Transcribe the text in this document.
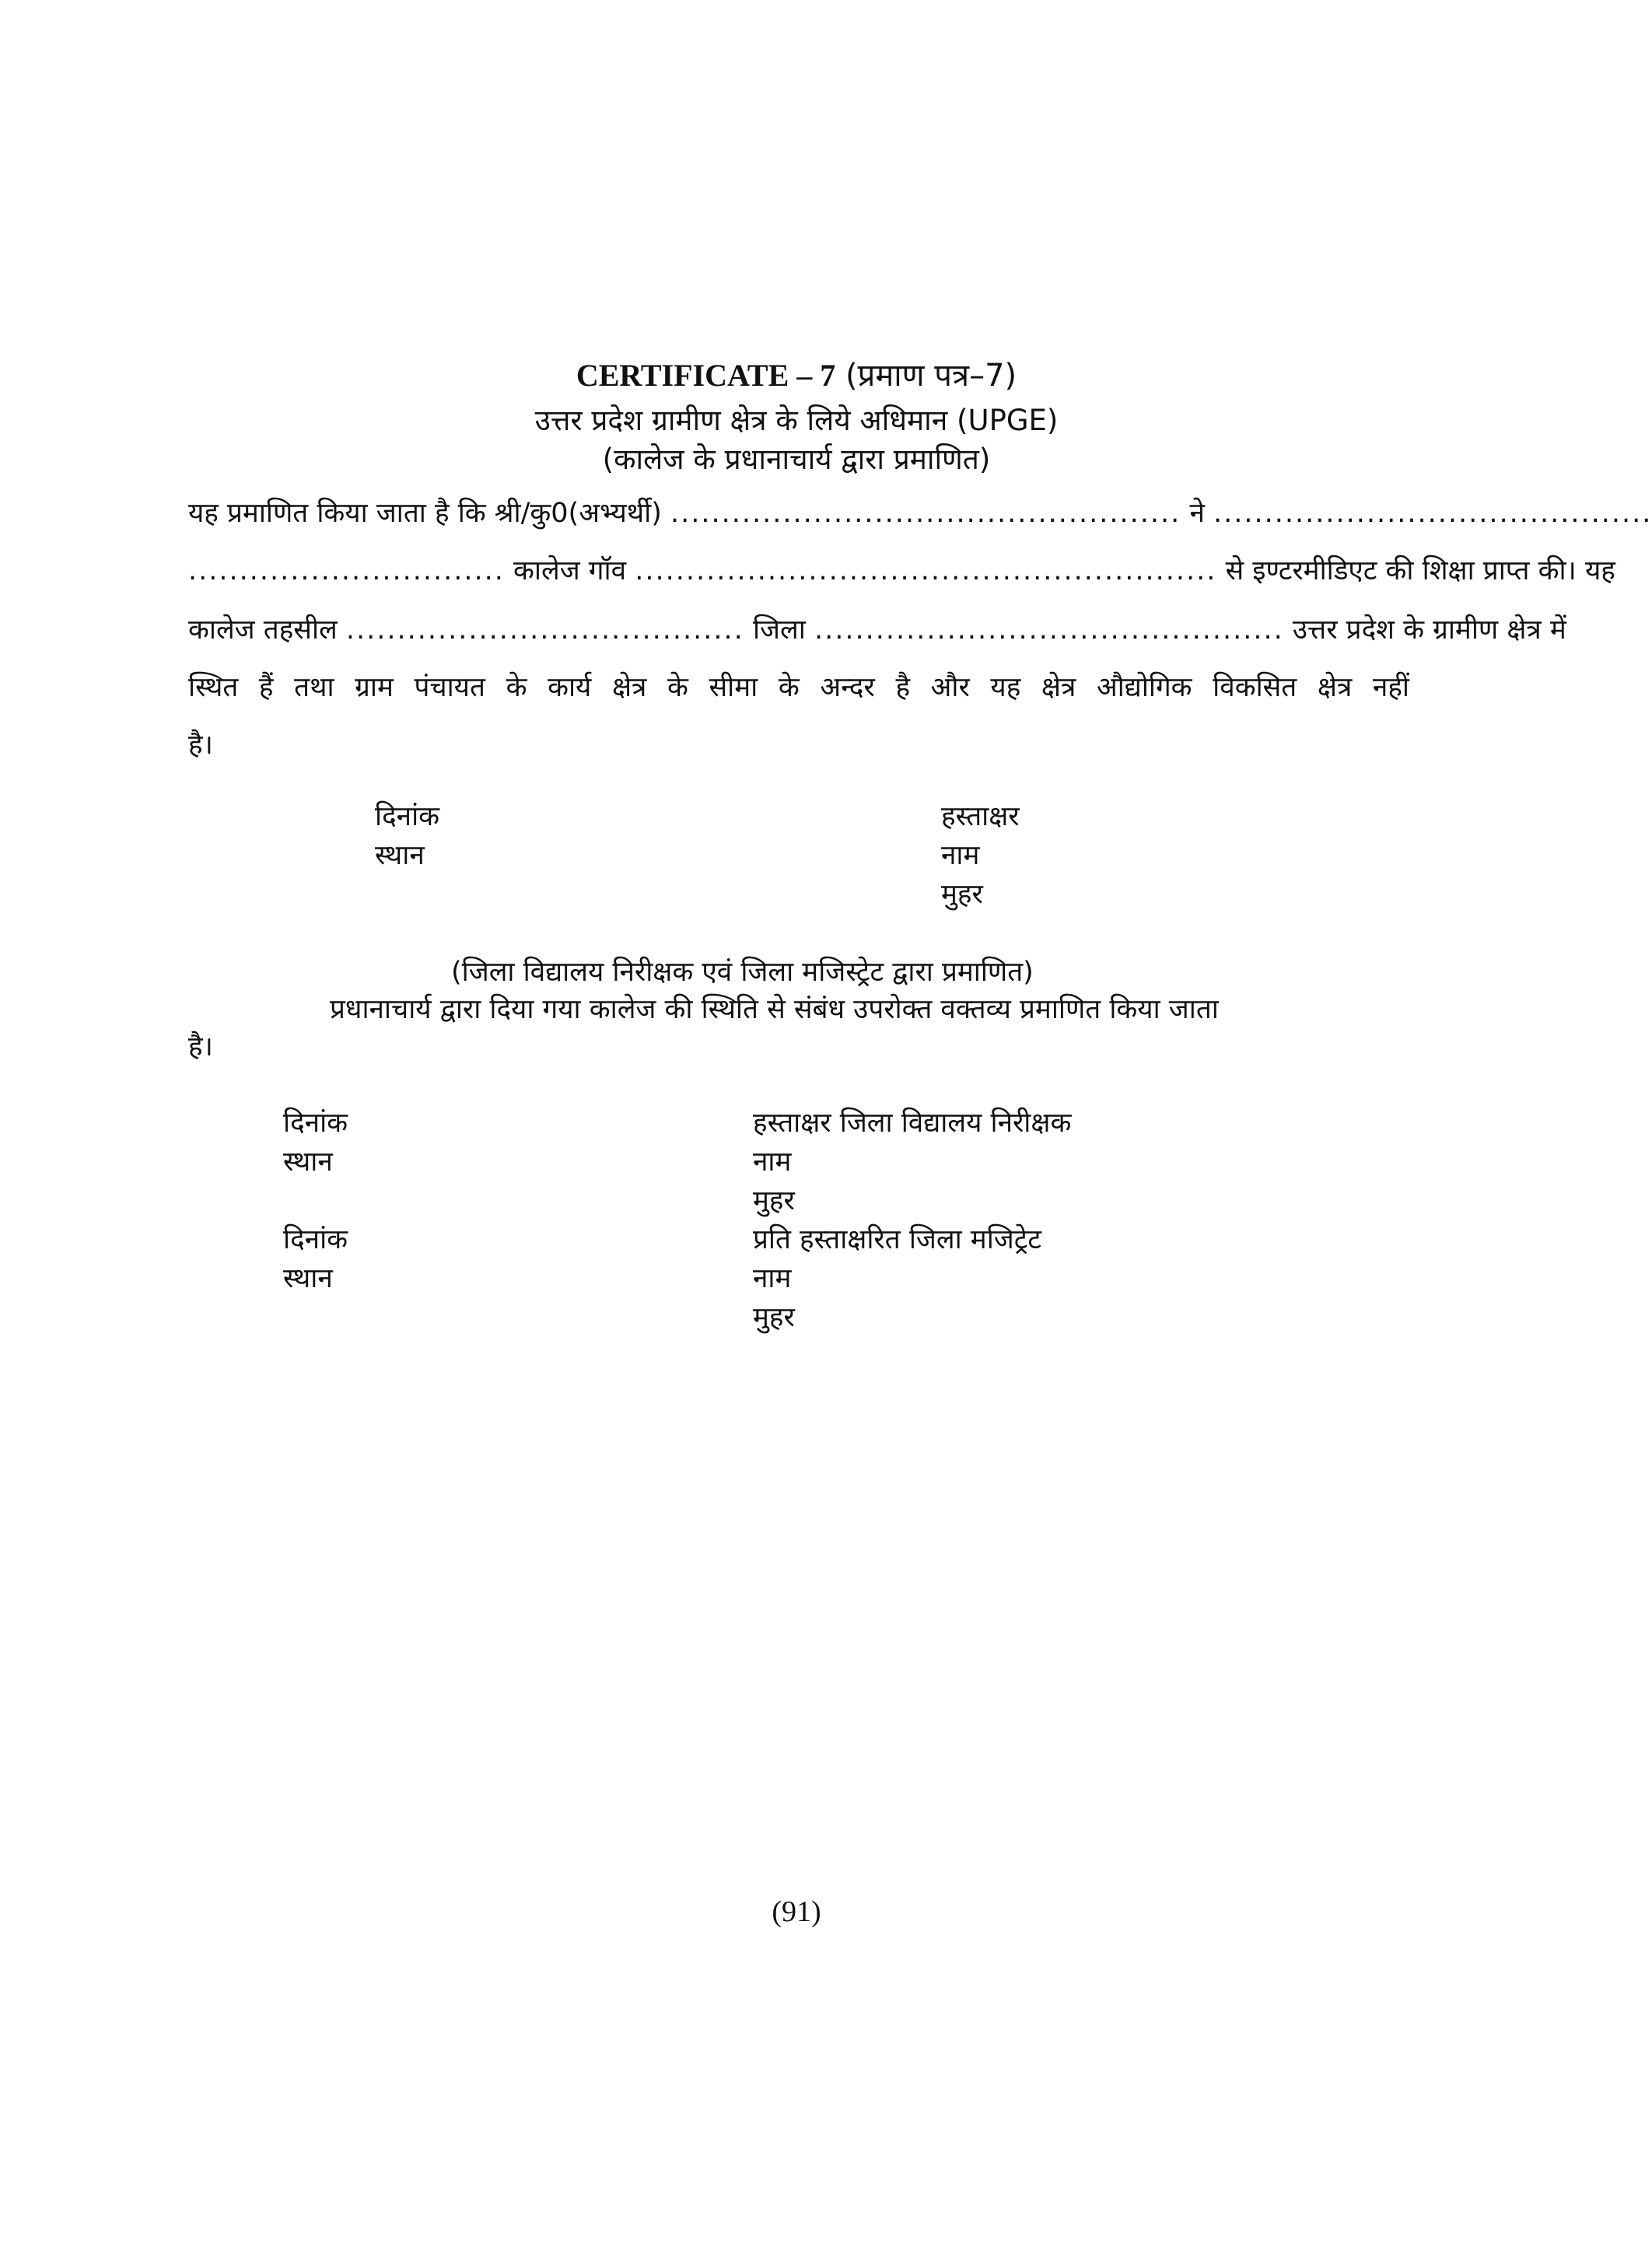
CERTIFICATE – 7 (प्रमाण पत्र–7)
उत्तर प्रदेश ग्रामीण क्षेत्र के लिये अधिमान (UPGE)
(कालेज के प्रधानाचार्य द्वारा प्रमाणित)
यह प्रमाणित किया जाता है कि श्री/कु0(अभ्यर्थी) .................................................. ने ...........................................
............................... कालेज गॉव ......................................................... से इण्टरमीडिएट की शिक्षा प्राप्त की। यह
कालेज तहसील ....................................... जिला .............................................. उत्तर प्रदेश के ग्रामीण क्षेत्र में
स्थित हैं तथा ग्राम पंचायत के कार्य क्षेत्र के सीमा के अन्दर है और यह क्षेत्र औद्योगिक विकसित क्षेत्र नहीं
है।
दिनांक
स्थान
हस्ताक्षर
नाम
मुहर
(जिला विद्यालय निरीक्षक एवं जिला मजिस्ट्रेट द्वारा प्रमाणित)
प्रधानाचार्य द्वारा दिया गया कालेज की स्थिति से संबंध उपरोक्त वक्तव्य प्रमाणित किया जाता
है।
दिनांक
स्थान
हस्ताक्षर जिला विद्यालय निरीक्षक
नाम
मुहर
दिनांक
स्थान
प्रति हस्ताक्षरित जिला मजिट्रेट
नाम
मुहर
(91)
